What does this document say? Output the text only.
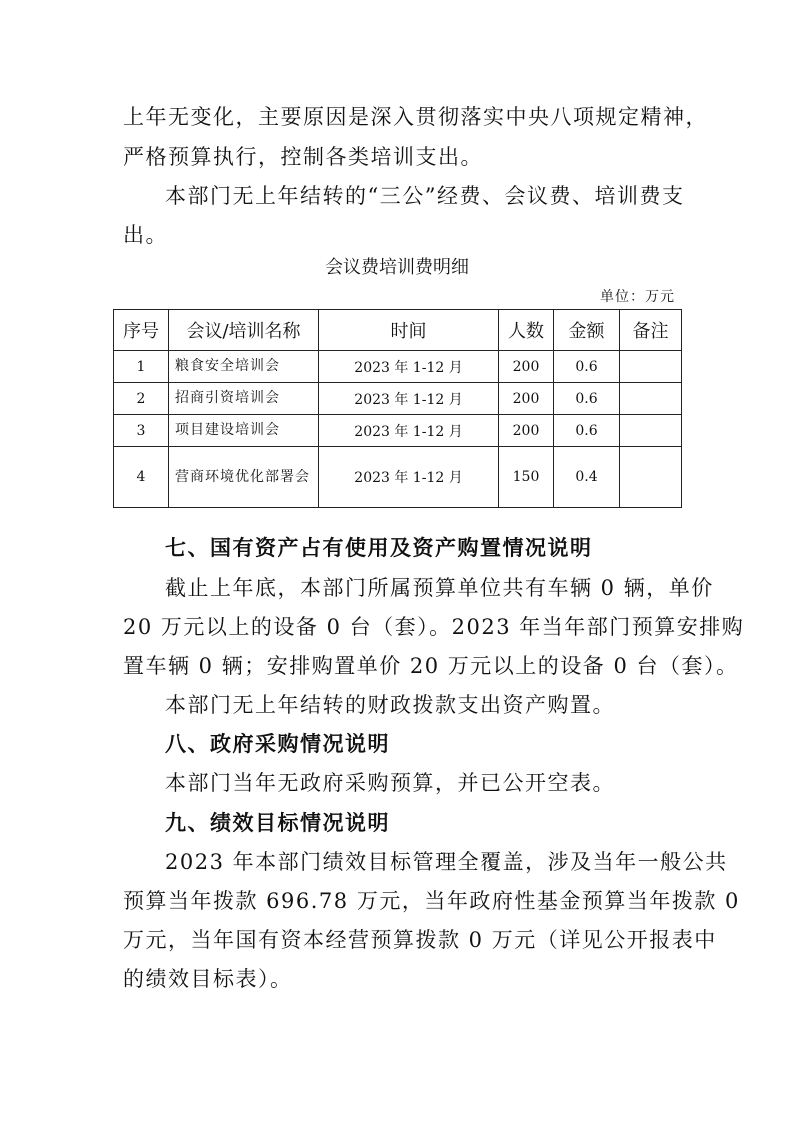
上年无变化，主要原因是深入贯彻落实中央八项规定精神，
严格预算执行，控制各类培训支出。
本部门无上年结转的“三公”经费、会议费、培训费支
出。
会议费培训费明细
单位：万元
序号	会议/培训名称	时间	人数	金额	备注
1	粮食安全培训会	2023 年 1-12 月	200	0.6	
2	招商引资培训会	2023 年 1-12 月	200	0.6	
3	项目建设培训会	2023 年 1-12 月	200	0.6	
4	营商环境优化部署会	2023 年 1-12 月	150	0.4	
七、国有资产占有使用及资产购置情况说明
截止上年底，本部门所属预算单位共有车辆 0 辆，单价
20 万元以上的设备 0 台（套）。2023 年当年部门预算安排购
置车辆 0 辆；安排购置单价 20 万元以上的设备 0 台（套）。
本部门无上年结转的财政拨款支出资产购置。
八、政府采购情况说明
本部门当年无政府采购预算，并已公开空表。
九、绩效目标情况说明
2023 年本部门绩效目标管理全覆盖，涉及当年一般公共
预算当年拨款 696.78 万元，当年政府性基金预算当年拨款 0
万元，当年国有资本经营预算拨款 0 万元（详见公开报表中
的绩效目标表）。
